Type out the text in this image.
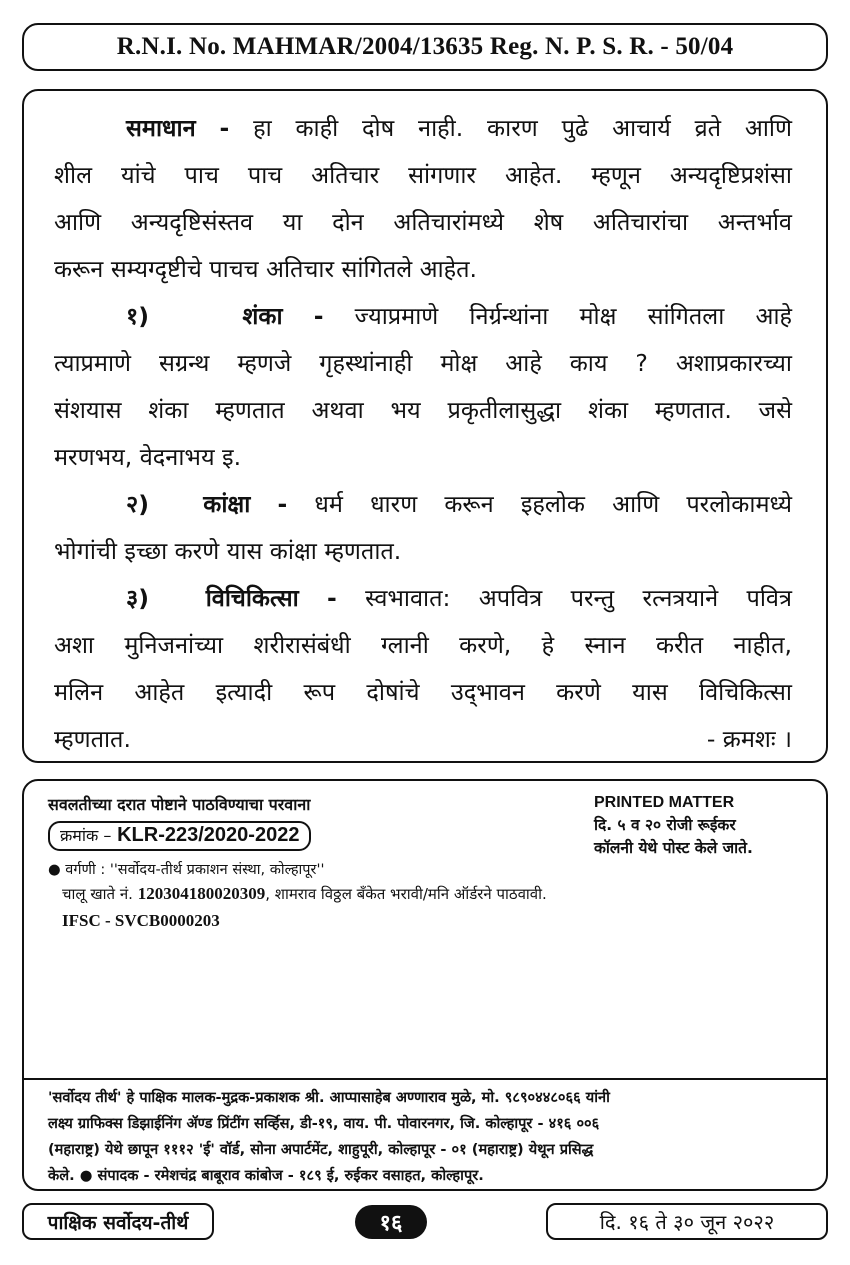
R.N.I. No. MAHMAR/2004/13635 Reg. N. P. S. R. - 50/04

समाधान - हा काही दोष नाही. कारण पुढे आचार्य व्रते आणि
शील यांचे पाच पाच अतिचार सांगणार आहेत. म्हणून अन्यदृष्टिप्रशंसा
आणि अन्यदृष्टिसंस्तव या दोन अतिचारांमध्ये शेष अतिचारांचा अन्तर्भाव
करून सम्यग्दृष्टीचे पाचच अतिचार सांगितले आहेत.

१)	शंका - ज्याप्रमाणे निर्ग्रन्थांना मोक्ष सांगितला आहे
त्याप्रमाणे सग्रन्थ म्हणजे गृहस्थांनाही मोक्ष आहे काय ? अशाप्रकारच्या
संशयास शंका म्हणतात अथवा भय प्रकृतीलासुद्धा शंका म्हणतात. जसे
मरणभय, वेदनाभय इ.

२) कांक्षा - धर्म धारण करून इहलोक आणि परलोकामध्ये
भोगांची इच्छा करणे यास कांक्षा म्हणतात.

३) विचिकित्सा - स्वभावात: अपवित्र परन्तु रत्नत्रयाने पवित्र
अशा मुनिजनांच्या शरीरासंबंधी ग्लानी करणे, हे स्नान करीत नाहीत,
मलिन आहेत इत्यादी रूप दोषांचे उद्‌भावन करणे यास विचिकित्सा
म्हणतात.	- क्रमशः ।

सवलतीच्या दरात पोष्टाने पाठविण्याचा परवाना
क्रमांक – KLR-223/2020-2022
PRINTED MATTER
दि. ५ व २० रोजी रूईकर
कॉलनी येथे पोस्ट केले जाते.
● वर्गणी : ''सर्वोदय-तीर्थ प्रकाशन संस्था, कोल्हापूर''
चालू खाते नं. 120304180020309, शामराव विठ्ठल बँकेत भरावी/मनि ऑर्डरने पाठवावी.
IFSC - SVCB0000203
'सर्वोदय तीर्थ' हे पाक्षिक मालक-मुद्रक-प्रकाशक श्री. आप्पासाहेब अण्णाराव मुळे, मो. ९८९०४४८०६६ यांनी
लक्ष्य ग्राफिक्स डिझाईनिंग ॲण्ड प्रिंटींग सर्व्हिस, डी-१९, वाय. पी. पोवारनगर, जि. कोल्हापूर - ४१६ ००६
(महाराष्ट्र) येथे छापून १११२ 'ई' वॉर्ड, सोना अपार्टमेंट, शाहुपूरी, कोल्हापूर - ०१ (महाराष्ट्र) येथून प्रसिद्ध
केले. ● संपादक - रमेशचंद्र बाबूराव कांबोज - १८९ ई, रुईकर वसाहत, कोल्हापूर.
पाक्षिक सर्वोदय-तीर्थ	१६	दि. १६ ते ३० जून २०२२
